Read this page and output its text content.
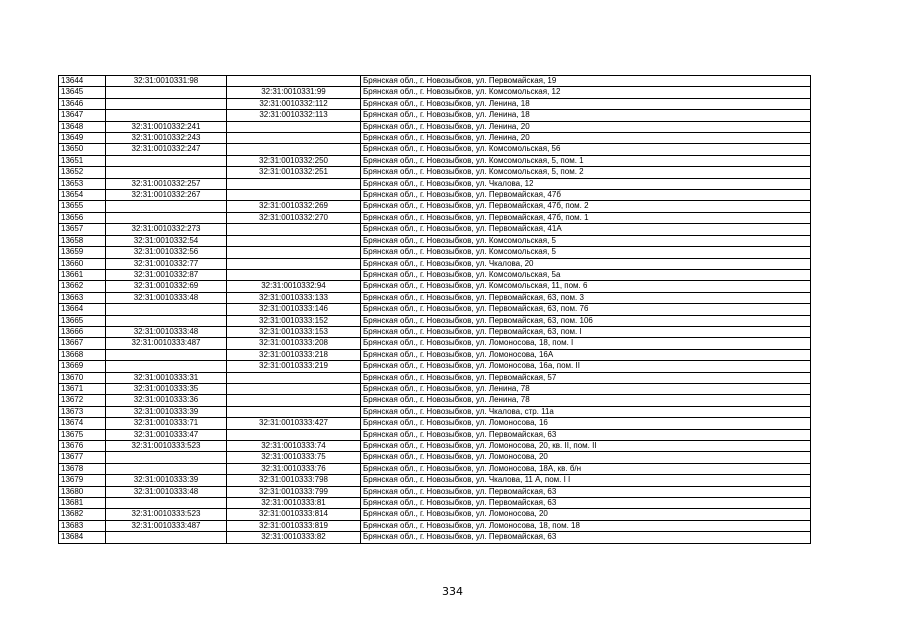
13644	32:31:0010331:98		Брянская обл., г. Новозыбков, ул. Первомайская, 19
13645		32:31:0010331:99	Брянская обл., г. Новозыбков, ул. Комсомольская, 12
13646		32:31:0010332:112	Брянская обл., г. Новозыбков, ул. Ленина, 18
13647		32:31:0010332:113	Брянская обл., г. Новозыбков, ул. Ленина, 18
13648	32:31:0010332:241		Брянская обл., г. Новозыбков, ул. Ленина, 20
13649	32:31:0010332:243		Брянская обл., г. Новозыбков, ул. Ленина, 20
13650	32:31:0010332:247		Брянская обл., г. Новозыбков, ул. Комсомольская, 56
13651		32:31:0010332:250	Брянская обл., г. Новозыбков, ул. Комсомольская, 5, пом. 1
13652		32:31:0010332:251	Брянская обл., г. Новозыбков, ул. Комсомольская, 5, пом. 2
13653	32:31:0010332:257		Брянская обл., г. Новозыбков, ул. Чкалова, 12
13654	32:31:0010332:267		Брянская обл., г. Новозыбков, ул. Первомайская, 47б
13655		32:31:0010332:269	Брянская обл., г. Новозыбков, ул. Первомайская, 47б, пом. 2
13656		32:31:0010332:270	Брянская обл., г. Новозыбков, ул. Первомайская, 47б, пом. 1
13657	32:31:0010332:273		Брянская обл., г. Новозыбков, ул. Первомайская, 41А
13658	32:31:0010332:54		Брянская обл., г. Новозыбков, ул. Комсомольская, 5
13659	32:31:0010332:56		Брянская обл., г. Новозыбков, ул. Комсомольская, 5
13660	32:31:0010332:77		Брянская обл., г. Новозыбков, ул. Чкалова, 20
13661	32:31:0010332:87		Брянская обл., г. Новозыбков, ул. Комсомольская, 5а
13662	32:31:0010332:69	32:31:0010332:94	Брянская обл., г. Новозыбков, ул. Комсомольская, 11, пом. 6
13663	32:31:0010333:48	32:31:0010333:133	Брянская обл., г. Новозыбков, ул. Первомайская, 63, пом. 3
13664		32:31:0010333:146	Брянская обл., г. Новозыбков, ул. Первомайская, 63, пом. 76
13665		32:31:0010333:152	Брянская обл., г. Новозыбков, ул. Первомайская, 63, пом. 106
13666	32:31:0010333:48	32:31:0010333:153	Брянская обл., г. Новозыбков, ул. Первомайская, 63, пом. I
13667	32:31:0010333:487	32:31:0010333:208	Брянская обл., г. Новозыбков, ул. Ломоносова, 18, пом. I
13668		32:31:0010333:218	Брянская обл., г. Новозыбков, ул. Ломоносова, 16А
13669		32:31:0010333:219	Брянская обл., г. Новозыбков, ул. Ломоносова, 16а, пом. II
13670	32:31:0010333:31		Брянская обл., г. Новозыбков, ул. Первомайская, 57
13671	32:31:0010333:35		Брянская обл., г. Новозыбков, ул. Ленина, 78
13672	32:31:0010333:36		Брянская обл., г. Новозыбков, ул. Ленина, 78
13673	32:31:0010333:39		Брянская обл., г. Новозыбков, ул. Чкалова, стр. 11а
13674	32:31:0010333:71	32:31:0010333:427	Брянская обл., г. Новозыбков, ул. Ломоносова, 16
13675	32:31:0010333:47		Брянская обл., г. Новозыбков, ул. Первомайская, 63
13676	32:31:0010333:523	32:31:0010333:74	Брянская обл., г. Новозыбков, ул. Ломоносова, 20, кв. II, пом. II
13677		32:31:0010333:75	Брянская обл., г. Новозыбков, ул. Ломоносова, 20
13678		32:31:0010333:76	Брянская обл., г. Новозыбков, ул. Ломоносова, 18А, кв. б/н
13679	32:31:0010333:39	32:31:0010333:798	Брянская обл., г. Новозыбков, ул. Чкалова, 11 А, пом. I I
13680	32:31:0010333:48	32:31:0010333:799	Брянская обл., г. Новозыбков, ул. Первомайская, 63
13681		32:31:0010333:81	Брянская обл., г. Новозыбков, ул. Первомайская, 63
13682	32:31:0010333:523	32:31:0010333:814	Брянская обл., г. Новозыбков, ул. Ломоносова, 20
13683	32:31:0010333:487	32:31:0010333:819	Брянская обл., г. Новозыбков, ул. Ломоносова, 18, пом. 18
13684		32:31:0010333:82	Брянская обл., г. Новозыбков, ул. Первомайская, 63
334
